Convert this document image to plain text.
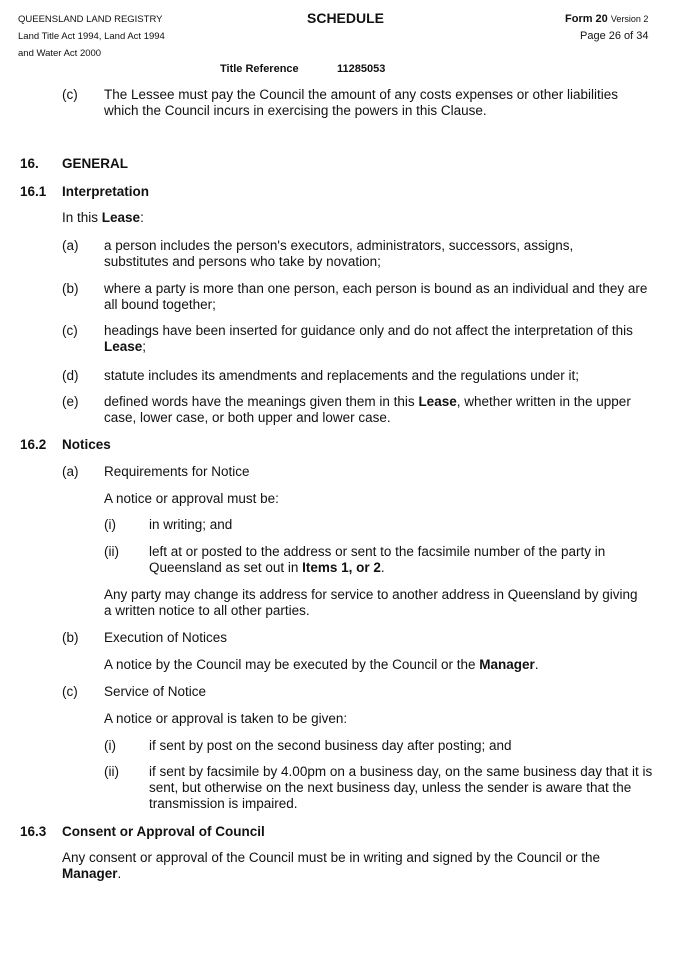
QUEENSLAND LAND REGISTRY
Land Title Act 1994, Land Act 1994
and Water Act 2000
SCHEDULE	Form 20 Version 2
Page 26 of 34
Title Reference	11285053
(c) The Lessee must pay the Council the amount of any costs expenses or other liabilities which the Council incurs in exercising the powers in this Clause.
16. GENERAL
16.1 Interpretation
In this Lease:
(a) a person includes the person's executors, administrators, successors, assigns, substitutes and persons who take by novation;
(b) where a party is more than one person, each person is bound as an individual and they are all bound together;
(c) headings have been inserted for guidance only and do not affect the interpretation of this Lease;
(d) statute includes its amendments and replacements and the regulations under it;
(e) defined words have the meanings given them in this Lease, whether written in the upper case, lower case, or both upper and lower case.
16.2 Notices
(a) Requirements for Notice
A notice or approval must be:
(i) in writing; and
(ii) left at or posted to the address or sent to the facsimile number of the party in Queensland as set out in Items 1, or 2.
Any party may change its address for service to another address in Queensland by giving a written notice to all other parties.
(b) Execution of Notices
A notice by the Council may be executed by the Council or the Manager.
(c) Service of Notice
A notice or approval is taken to be given:
(i) if sent by post on the second business day after posting; and
(ii) if sent by facsimile by 4.00pm on a business day, on the same business day that it is sent, but otherwise on the next business day, unless the sender is aware that the transmission is impaired.
16.3 Consent or Approval of Council
Any consent or approval of the Council must be in writing and signed by the Council or the Manager.
